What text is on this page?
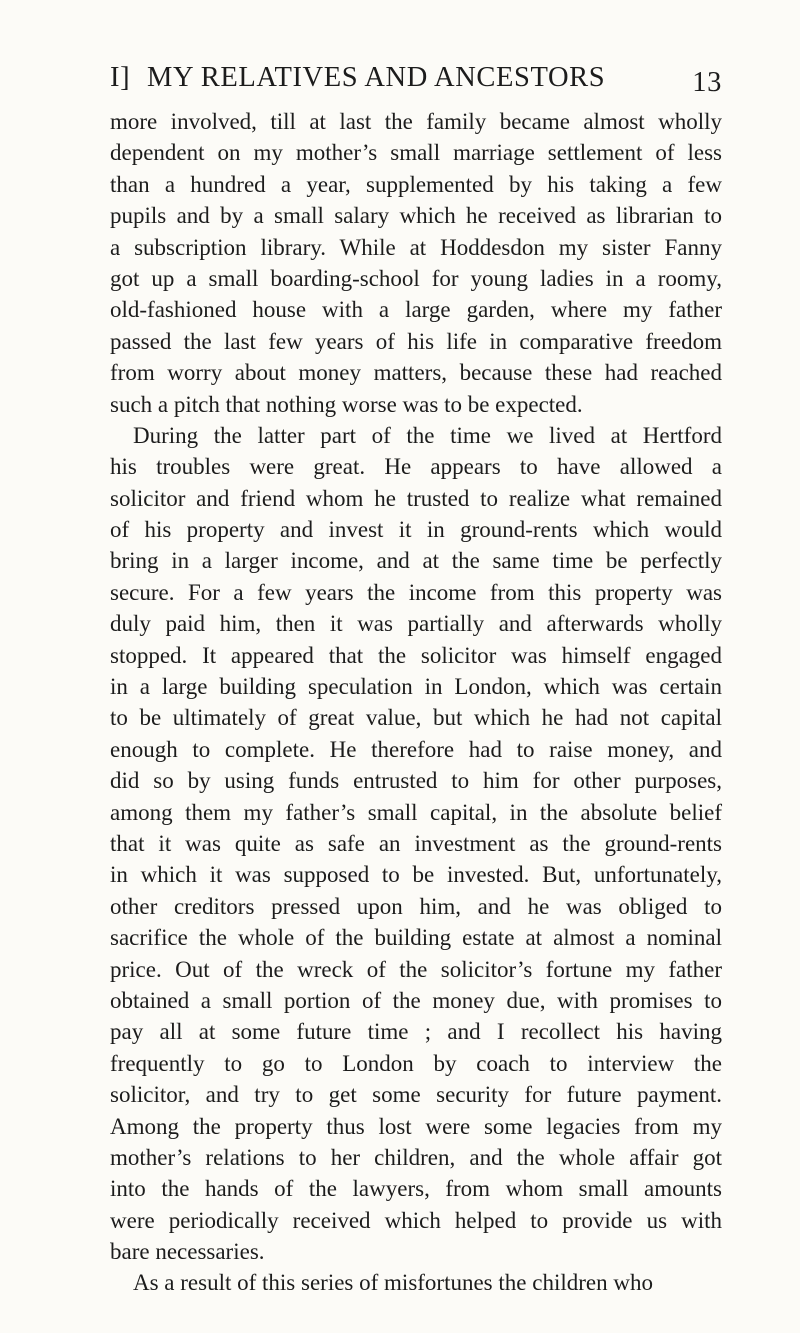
I] MY RELATIVES AND ANCESTORS	13
more involved, till at last the family became almost wholly
dependent on my mother’s small marriage settlement of less
than a hundred a year, supplemented by his taking a few
pupils and by a small salary which he received as librarian to
a subscription library. While at Hoddesdon my sister Fanny
got up a small boarding-school for young ladies in a roomy,
old-fashioned house with a large garden, where my father
passed the last few years of his life in comparative freedom
from worry about money matters, because these had reached
such a pitch that nothing worse was to be expected.
During the latter part of the time we lived at Hertford
his troubles were great. He appears to have allowed a
solicitor and friend whom he trusted to realize what remained
of his property and invest it in ground-rents which would
bring in a larger income, and at the same time be perfectly
secure. For a few years the income from this property was
duly paid him, then it was partially and afterwards wholly
stopped. It appeared that the solicitor was himself engaged
in a large building speculation in London, which was certain
to be ultimately of great value, but which he had not capital
enough to complete. He therefore had to raise money, and
did so by using funds entrusted to him for other purposes,
among them my father’s small capital, in the absolute belief
that it was quite as safe an investment as the ground-rents
in which it was supposed to be invested. But, unfortunately,
other creditors pressed upon him, and he was obliged to
sacrifice the whole of the building estate at almost a nominal
price. Out of the wreck of the solicitor’s fortune my father
obtained a small portion of the money due, with promises to
pay all at some future time ; and I recollect his having
frequently to go to London by coach to interview the
solicitor, and try to get some security for future payment.
Among the property thus lost were some legacies from my
mother’s relations to her children, and the whole affair got
into the hands of the lawyers, from whom small amounts
were periodically received which helped to provide us with
bare necessaries.
As a result of this series of misfortunes the children who
